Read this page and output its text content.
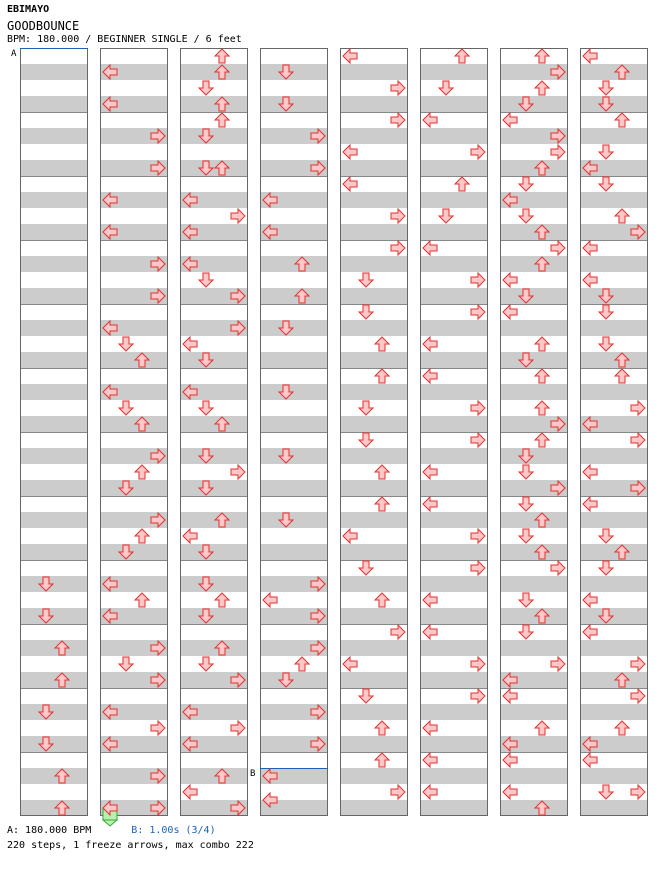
EBIMAYO
GOODBOUNCE
BPM: 180.000 / BEGINNER SINGLE / 6 feet
A
B
A: 180.000 BPM	B: 1.00s (3/4)
220 steps, 1 freeze arrows, max combo 222
